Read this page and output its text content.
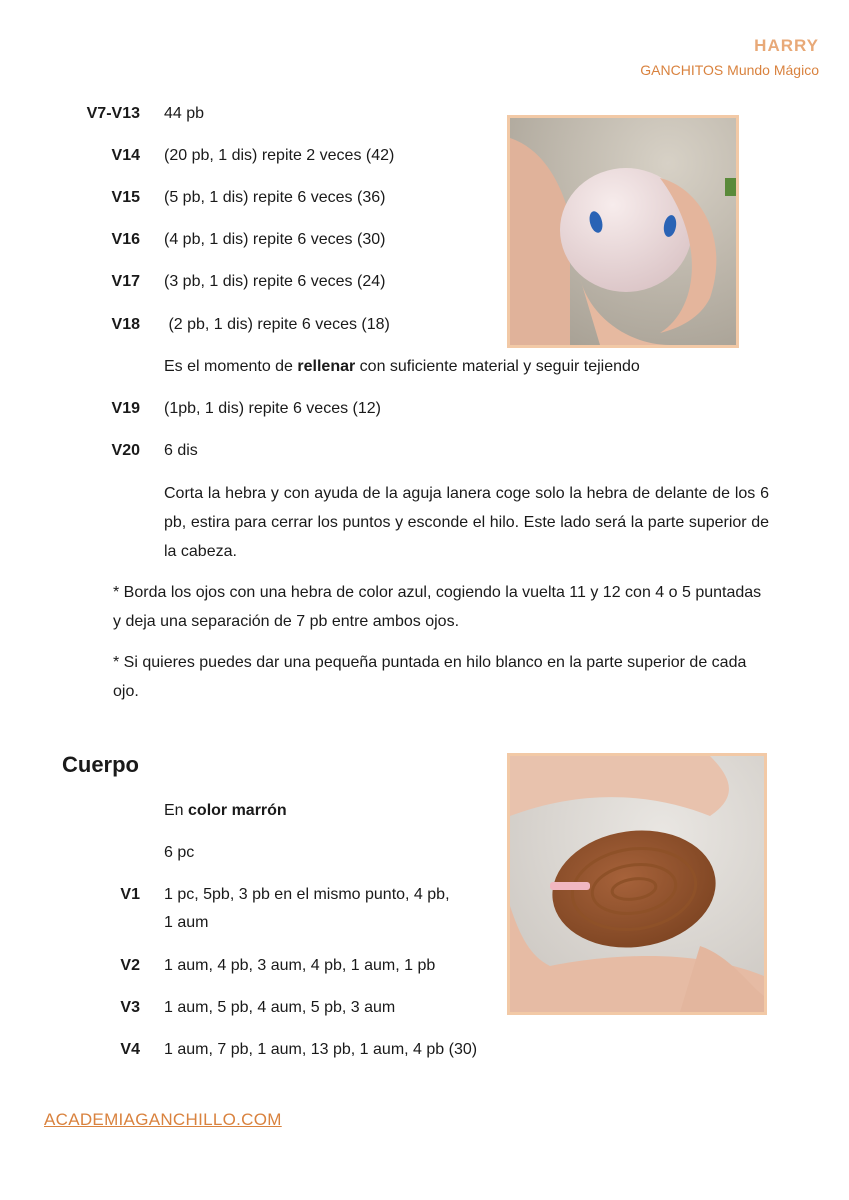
HARRY
GANCHITOS Mundo Mágico
V7-V13 44 pb
V14 (20 pb, 1 dis) repite 2 veces (42)
V15 (5 pb, 1 dis) repite 6 veces (36)
V16 (4 pb, 1 dis) repite 6 veces (30)
V17 (3 pb, 1 dis) repite 6 veces (24)
V18 (2 pb, 1 dis) repite 6 veces (18)
Es el momento de rellenar con suficiente material y seguir tejiendo
V19 (1pb, 1 dis) repite 6 veces (12)
V20 6 dis
Corta la hebra y con ayuda de la aguja lanera coge solo la hebra de delante de los 6 pb, estira para cerrar los puntos y esconde el hilo. Este lado será la parte superior de la cabeza.
* Borda los ojos con una hebra de color azul, cogiendo la vuelta 11 y 12 con 4 o 5 puntadas y deja una separación de 7 pb entre ambos ojos.
* Si quieres puedes dar una pequeña puntada en hilo blanco en la parte superior de cada ojo.
Cuerpo
En color marrón
6 pc
V1 1 pc, 5pb, 3 pb en el mismo punto, 4 pb,
1 aum
V2 1 aum, 4 pb, 3 aum, 4 pb, 1 aum, 1 pb
V3 1 aum, 5 pb, 4 aum, 5 pb, 3 aum
V4 1 aum, 7 pb, 1 aum, 13 pb, 1 aum, 4 pb (30)
ACADEMIAGANCHILLO.COM
